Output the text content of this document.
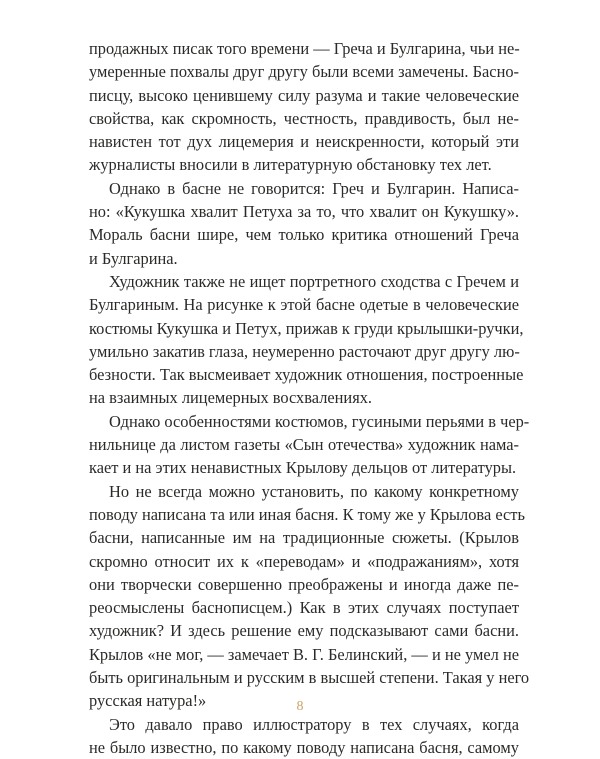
продажных писак того времени — Греча и Булгарина, чьи не-
умеренные похвалы друг другу были всеми замечены. Басно-
писцу, высоко ценившему силу разума и такие человеческие
свойства, как скромность, честность, правдивость, был не-
навистен тот дух лицемерия и неискренности, который эти
журналисты вносили в литературную обстановку тех лет.
Однако в басне не говорится: Греч и Булгарин. Написа-
но: «Кукушка хвалит Петуха за то, что хвалит он Кукушку».
Мораль басни шире, чем только критика отношений Греча
и Булгарина.
Художник также не ищет портретного сходства с Гречем и
Булгариным. На рисунке к этой басне одетые в человеческие
костюмы Кукушка и Петух, прижав к груди крылышки-ручки,
умильно закатив глаза, неумеренно расточают друг другу лю-
безности. Так высмеивает художник отношения, построенные
на взаимных лицемерных восхвалениях.
Однако особенностями костюмов, гусиными перьями в чер-
нильнице да листом газеты «Сын отечества» художник нама-
кает и на этих ненавистных Крылову дельцов от литературы.
Но не всегда можно установить, по какому конкретному
поводу написана та или иная басня. К тому же у Крылова есть
басни, написанные им на традиционные сюжеты. (Крылов
скромно относит их к «переводам» и «подражаниям», хотя
они творчески совершенно преображены и иногда даже пе-
реосмыслены баснописцем.) Как в этих случаях поступает
художник? И здесь решение ему подсказывают сами басни.
Крылов «не мог, — замечает В. Г. Белинский, — и не умел не
быть оригинальным и русским в высшей степени. Такая у него
русская натура!»
Это давало право иллюстратору в тех случаях, когда
не было известно, по какому поводу написана басня, самому
8
